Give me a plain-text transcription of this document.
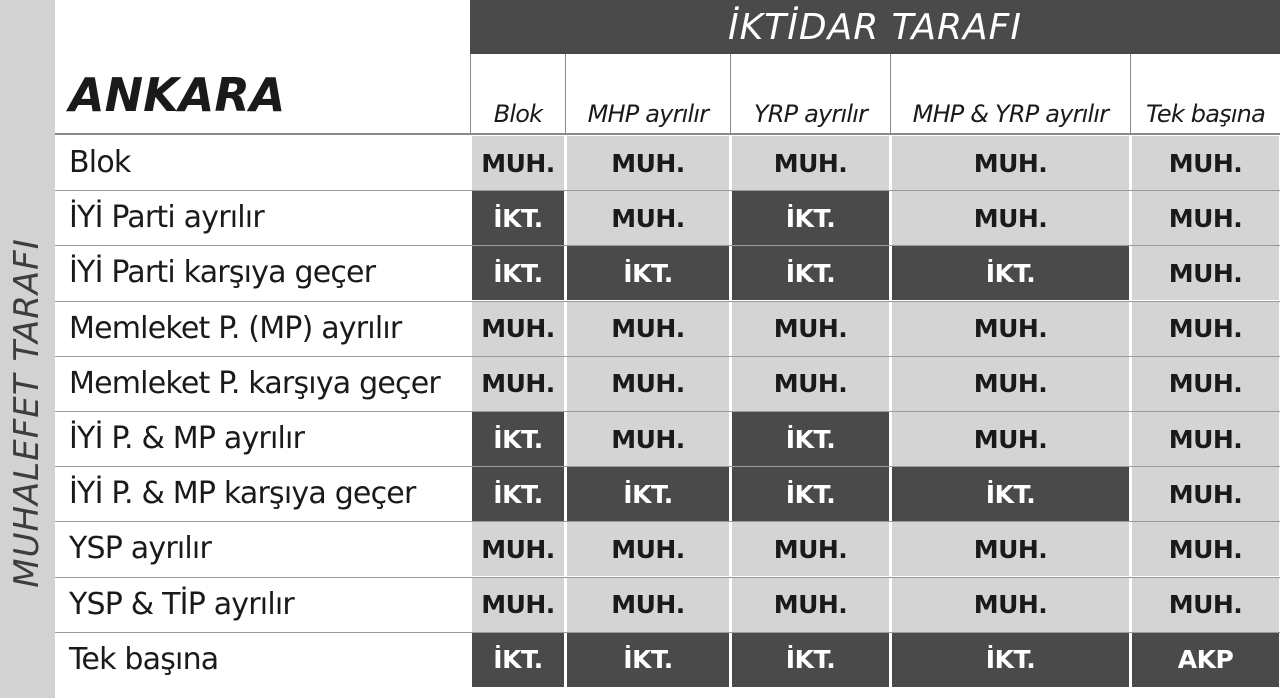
MUHALEFET TARAFI
İKTİDAR TARAFI
ANKARA	Blok	MHP ayrılır	YRP ayrılır	MHP & YRP ayrılır	Tek başına
Blok	MUH.	MUH.	MUH.	MUH.	MUH.
İYİ Parti ayrılır	İKT.	MUH.	İKT.	MUH.	MUH.
İYİ Parti karşıya geçer	İKT.	İKT.	İKT.	İKT.	MUH.
Memleket P. (MP) ayrılır	MUH.	MUH.	MUH.	MUH.	MUH.
Memleket P. karşıya geçer	MUH.	MUH.	MUH.	MUH.	MUH.
İYİ P. & MP ayrılır	İKT.	MUH.	İKT.	MUH.	MUH.
İYİ P. & MP karşıya geçer	İKT.	İKT.	İKT.	İKT.	MUH.
YSP ayrılır	MUH.	MUH.	MUH.	MUH.	MUH.
YSP & TİP ayrılır	MUH.	MUH.	MUH.	MUH.	MUH.
Tek başına	İKT.	İKT.	İKT.	İKT.	AKP
